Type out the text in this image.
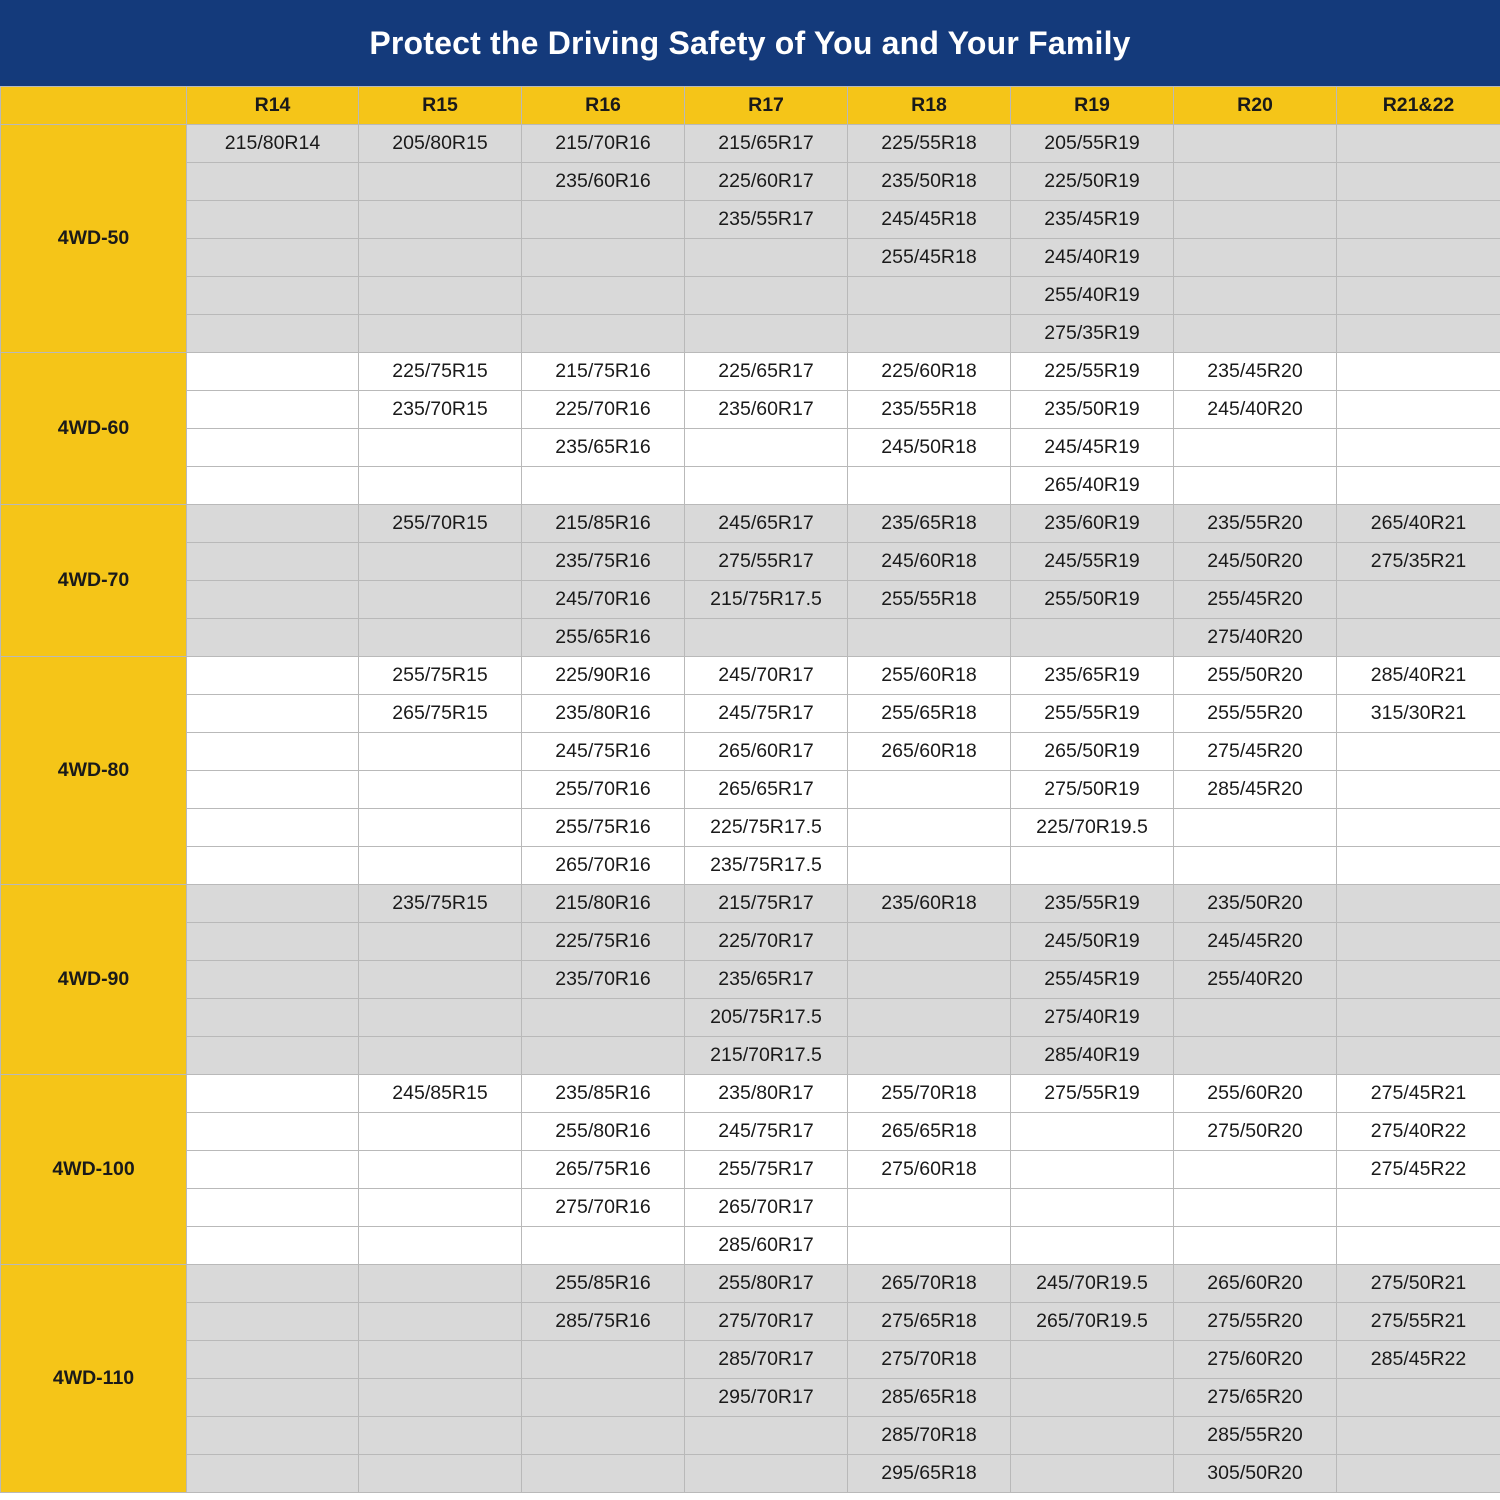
Protect the Driving Safety of You and Your Family
	R14	R15	R16	R17	R18	R19	R20	R21&22
4WD-50	215/80R14	205/80R15	215/70R16	215/65R17	225/55R18	205/55R19		
			235/60R16	225/60R17	235/50R18	225/50R19		
				235/55R17	245/45R18	235/45R19		
					255/45R18	245/40R19		
						255/40R19		
						275/35R19		
4WD-60		225/75R15	215/75R16	225/65R17	225/60R18	225/55R19	235/45R20	
		235/70R15	225/70R16	235/60R17	235/55R18	235/50R19	245/40R20	
			235/65R16		245/50R18	245/45R19		
						265/40R19		
4WD-70		255/70R15	215/85R16	245/65R17	235/65R18	235/60R19	235/55R20	265/40R21
			235/75R16	275/55R17	245/60R18	245/55R19	245/50R20	275/35R21
			245/70R16	215/75R17.5	255/55R18	255/50R19	255/45R20	
			255/65R16				275/40R20	
4WD-80		255/75R15	225/90R16	245/70R17	255/60R18	235/65R19	255/50R20	285/40R21
		265/75R15	235/80R16	245/75R17	255/65R18	255/55R19	255/55R20	315/30R21
			245/75R16	265/60R17	265/60R18	265/50R19	275/45R20	
			255/70R16	265/65R17		275/50R19	285/45R20	
			255/75R16	225/75R17.5		225/70R19.5		
			265/70R16	235/75R17.5				
4WD-90		235/75R15	215/80R16	215/75R17	235/60R18	235/55R19	235/50R20	
			225/75R16	225/70R17		245/50R19	245/45R20	
			235/70R16	235/65R17		255/45R19	255/40R20	
				205/75R17.5		275/40R19		
				215/70R17.5		285/40R19		
4WD-100		245/85R15	235/85R16	235/80R17	255/70R18	275/55R19	255/60R20	275/45R21
			255/80R16	245/75R17	265/65R18		275/50R20	275/40R22
			265/75R16	255/75R17	275/60R18			275/45R22
			275/70R16	265/70R17				
				285/60R17				
4WD-110			255/85R16	255/80R17	265/70R18	245/70R19.5	265/60R20	275/50R21
			285/75R16	275/70R17	275/65R18	265/70R19.5	275/55R20	275/55R21
				285/70R17	275/70R18		275/60R20	285/45R22
				295/70R17	285/65R18		275/65R20	
					285/70R18		285/55R20	
					295/65R18		305/50R20	
